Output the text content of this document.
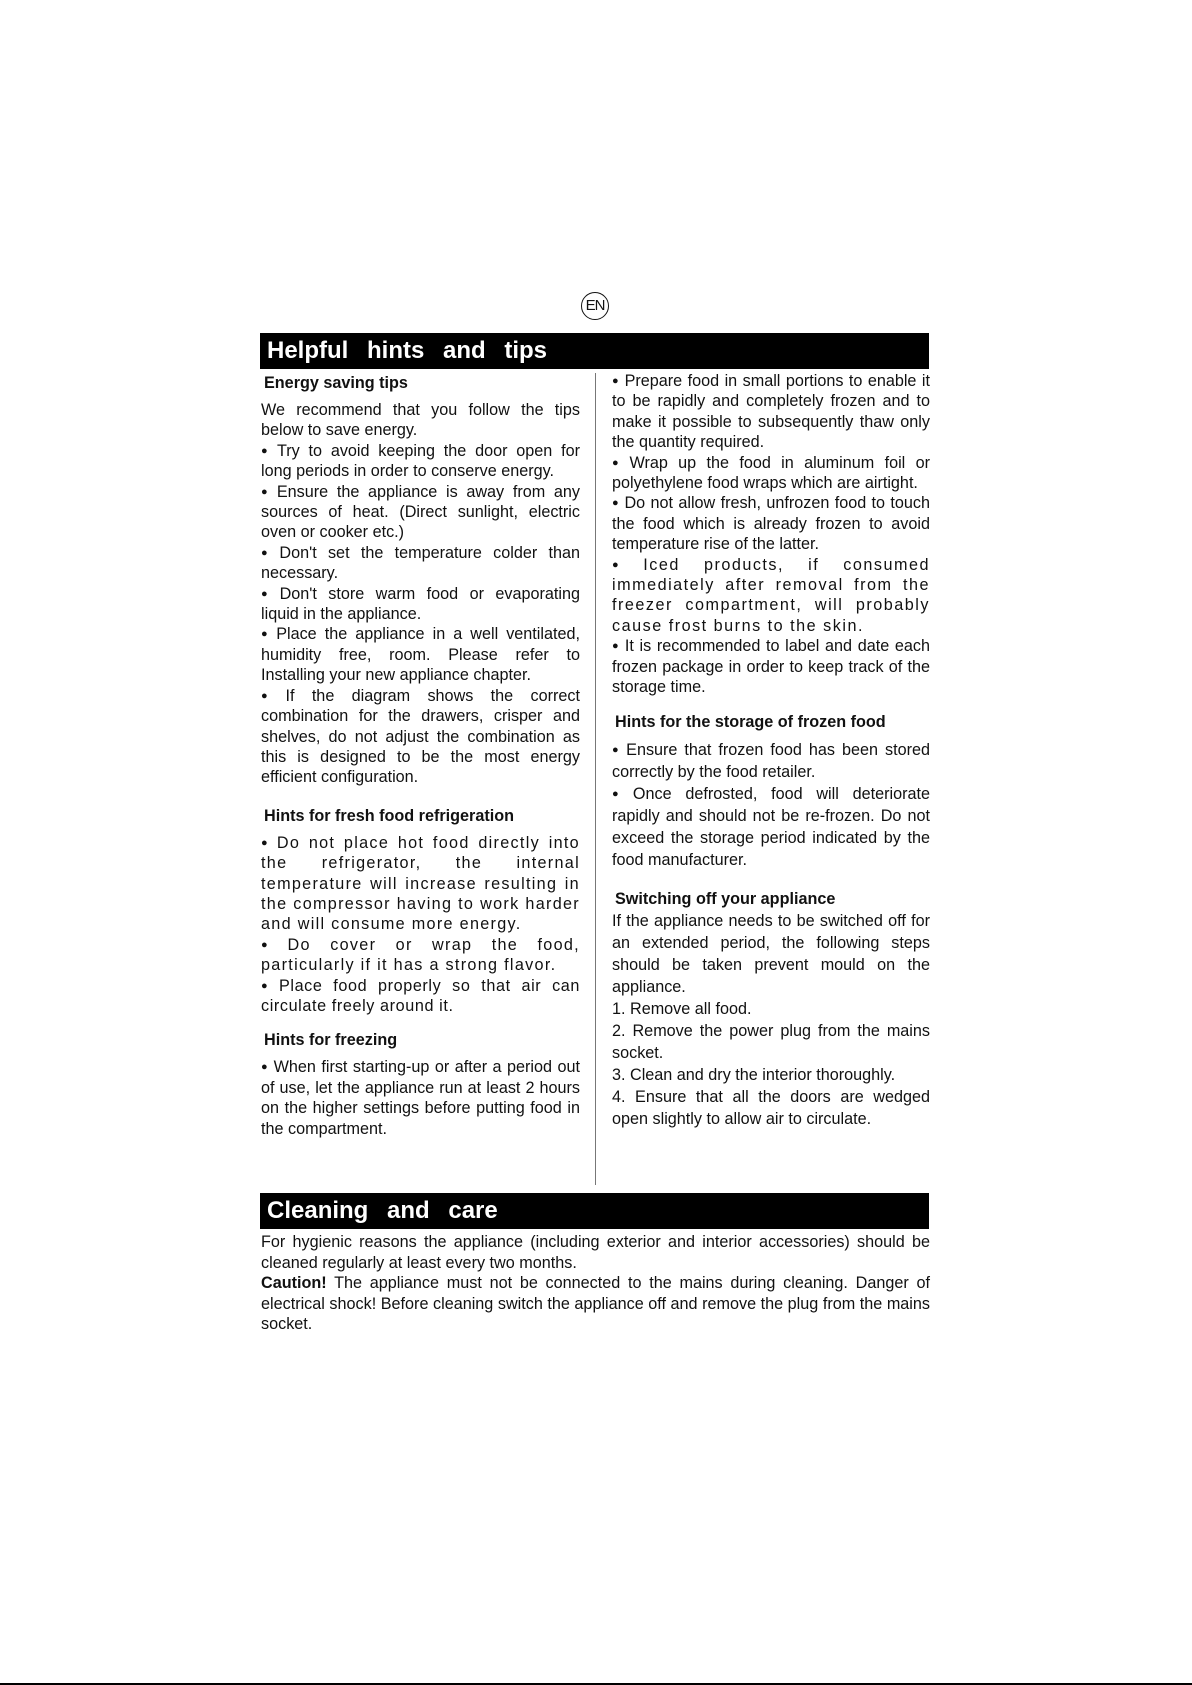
EN
Helpful hints and tips
Energy saving tips

We recommend that you follow the tips below to save energy.

● Try to avoid keeping the door open for long periods in order to conserve energy.

● Ensure the appliance is away from any sources of heat. (Direct sunlight, electric oven or cooker etc.)

● Don't set the temperature colder than necessary.

● Don't store warm food or evaporating liquid in the appliance.

● Place the appliance in a well ventilated, humidity free, room. Please refer to Installing your new appliance chapter.

● If the diagram shows the correct combination for the drawers, crisper and shelves, do not adjust the combination as this is designed to be the most energy efficient configuration.

Hints for fresh food refrigeration

● Do not place hot food directly into the refrigerator, the internal temperature will increase resulting in the compressor having to work harder and will consume more energy.

● Do cover or wrap the food, particularly if it has a strong flavor.

● Place food properly so that air can circulate freely around it.

Hints for freezing

● When first starting-up or after a period out of use, let the appliance run at least 2 hours on the higher settings before putting food in the compartment.

● Prepare food in small portions to enable it to be rapidly and completely frozen and to make it possible to subsequently thaw only the quantity required.

● Wrap up the food in aluminum foil or polyethylene food wraps which are airtight.

● Do not allow fresh, unfrozen food to touch the food which is already frozen to avoid temperature rise of the latter.

● Iced products, if consumed immediately after removal from the freezer compartment, will probably cause frost burns to the skin.

● It is recommended to label and date each frozen package in order to keep track of the storage time.

Hints for the storage of frozen food

● Ensure that frozen food has been stored correctly by the food retailer.

● Once defrosted, food will deteriorate rapidly and should not be re-frozen. Do not exceed the storage period indicated by the food manufacturer.

Switching off your appliance

If the appliance needs to be switched off for an extended period, the following steps should be taken prevent mould on the appliance.

1. Remove all food.

2. Remove the power plug from the mains socket.

3. Clean and dry the interior thoroughly.

4. Ensure that all the doors are wedged open slightly to allow air to circulate.

Cleaning and care

For hygienic reasons the appliance (including exterior and interior accessories) should be cleaned regularly at least every two months.

Caution! The appliance must not be connected to the mains during cleaning. Danger of electrical shock! Before cleaning switch the appliance off and remove the plug from the mains socket.
